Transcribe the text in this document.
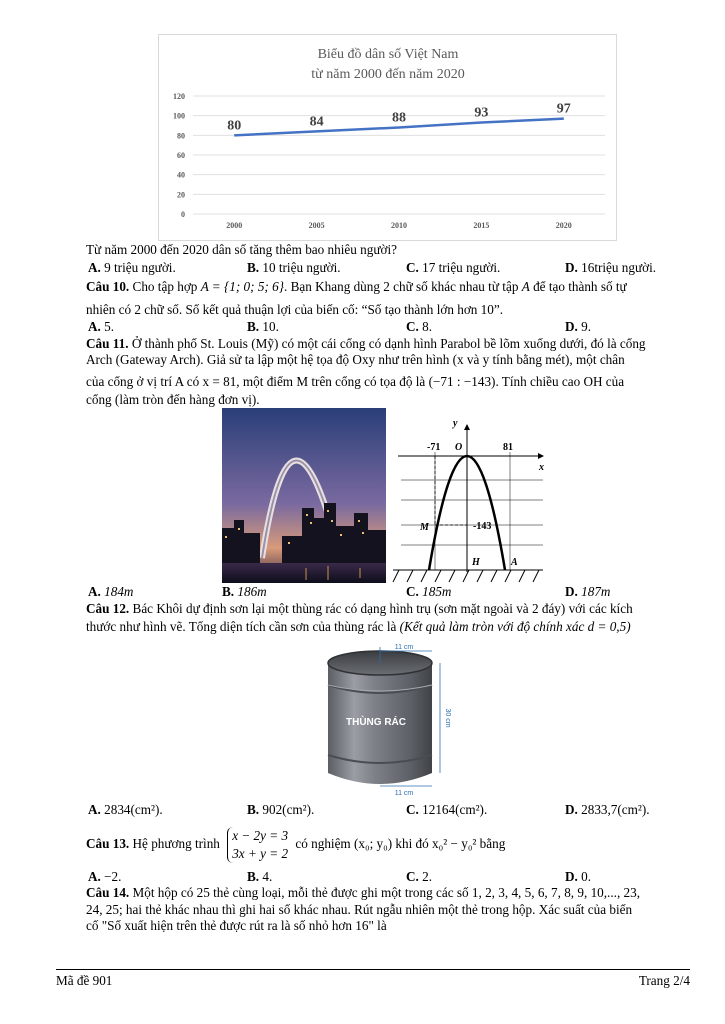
Biểu đồ dân số Việt Nam
từ năm 2000 đến năm 2020
0
20
40
60
80
100
120
2000	2005	2010	2015	2020
80	84	88	93	97
Từ năm 2000 đến 2020 dân số tăng thêm bao nhiêu người?
A. 9 triệu người.	B. 10 triệu người.	C. 17 triệu người.	D. 16triệu người.
Câu 10. Cho tập hợp A = {1; 0; 5; 6}. Bạn Khang dùng 2 chữ số khác nhau từ tập A để tạo thành số tự
nhiên có 2 chữ số. Số kết quả thuận lợi của biến cố: “Số tạo thành lớn hơn 10”.
A. 5.	B. 10.	C. 8.	D. 9.
Câu 11. Ở thành phố St. Louis (Mỹ) có một cái cổng có dạnh hình Parabol bề lõm xuống dưới, đó là cổng
Arch (Gateway Arch). Giả sử ta lập một hệ tọa độ Oxy như trên hình (x và y tính bằng mét), một chân
của cổng ở vị trí A có x = 81, một điểm M trên cổng có tọa độ là (−71 : −143). Tính chiều cao OH của
cổng (làm tròn đến hàng đơn vị).
y
x
O
-71	81
M	-143
H	A
A. 184m	B. 186m	C. 185m	D. 187m
Câu 12. Bác Khôi dự định sơn lại một thùng rác có dạng hình trụ (sơn mặt ngoài và 2 đáy) với các kích
thước như hình vẽ. Tổng diện tích cần sơn của thùng rác là (Kết quả làm tròn với độ chính xác d = 0,5)
THÙNG RÁC
11 cm
11 cm
30 cm
A. 2834(cm²).	B. 902(cm²).	C. 12164(cm²).	D. 2833,7(cm²).
Câu 13. Hệ phương trình
x − 2y = 3
3x + y = 2
có nghiệm (x₀; y₀) khi đó x₀² − y₀² bằng
A. −2.	B. 4.	C. 2.	D. 0.
Câu 14. Một hộp có 25 thẻ cùng loại, mỗi thẻ được ghi một trong các số 1, 2, 3, 4, 5, 6, 7, 8, 9, 10,..., 23,
24, 25; hai thẻ khác nhau thì ghi hai số khác nhau. Rút ngẫu nhiên một thẻ trong hộp. Xác suất của biến
cố "Số xuất hiện trên thẻ được rút ra là số nhỏ hơn 16" là
Mã đề 901	Trang 2/4
